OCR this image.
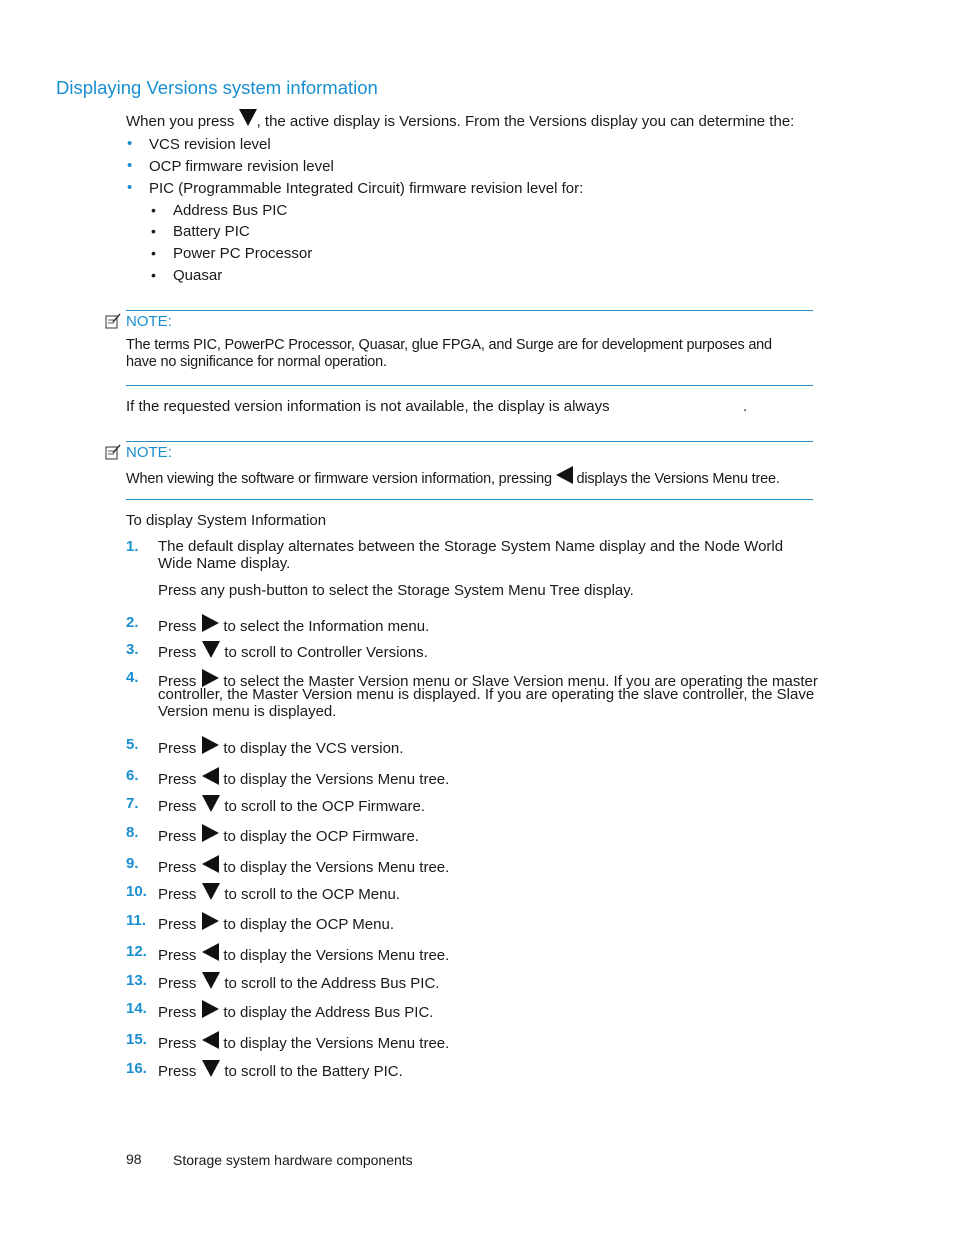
Displaying Versions system information
When you press , the active display is Versions. From the Versions display you can determine the:
• VCS revision level
• OCP firmware revision level
• PIC (Programmable Integrated Circuit) firmware revision level for:
• Address Bus PIC
• Battery PIC
• Power PC Processor
• Quasar
NOTE:
The terms PIC, PowerPC Processor, Quasar, glue FPGA, and Surge are for development purposes and
have no significance for normal operation.
If the requested version information is not available, the display is always	.
NOTE:
When viewing the software or firmware version information, pressing displays the Versions Menu tree.
To display System Information
1. The default display alternates between the Storage System Name display and the Node World
Wide Name display.
Press any push-button to select the Storage System Menu Tree display.
2. Press to select the Information menu.
3. Press to scroll to Controller Versions.
4. Press to select the Master Version menu or Slave Version menu. If you are operating the master
controller, the Master Version menu is displayed. If you are operating the slave controller, the Slave
Version menu is displayed.
5. Press to display the VCS version.
6. Press to display the Versions Menu tree.
7. Press to scroll to the OCP Firmware.
8. Press to display the OCP Firmware.
9. Press to display the Versions Menu tree.
10. Press to scroll to the OCP Menu.
11. Press to display the OCP Menu.
12. Press to display the Versions Menu tree.
13. Press to scroll to the Address Bus PIC.
14. Press to display the Address Bus PIC.
15. Press to display the Versions Menu tree.
16. Press to scroll to the Battery PIC.
98 Storage system hardware components
